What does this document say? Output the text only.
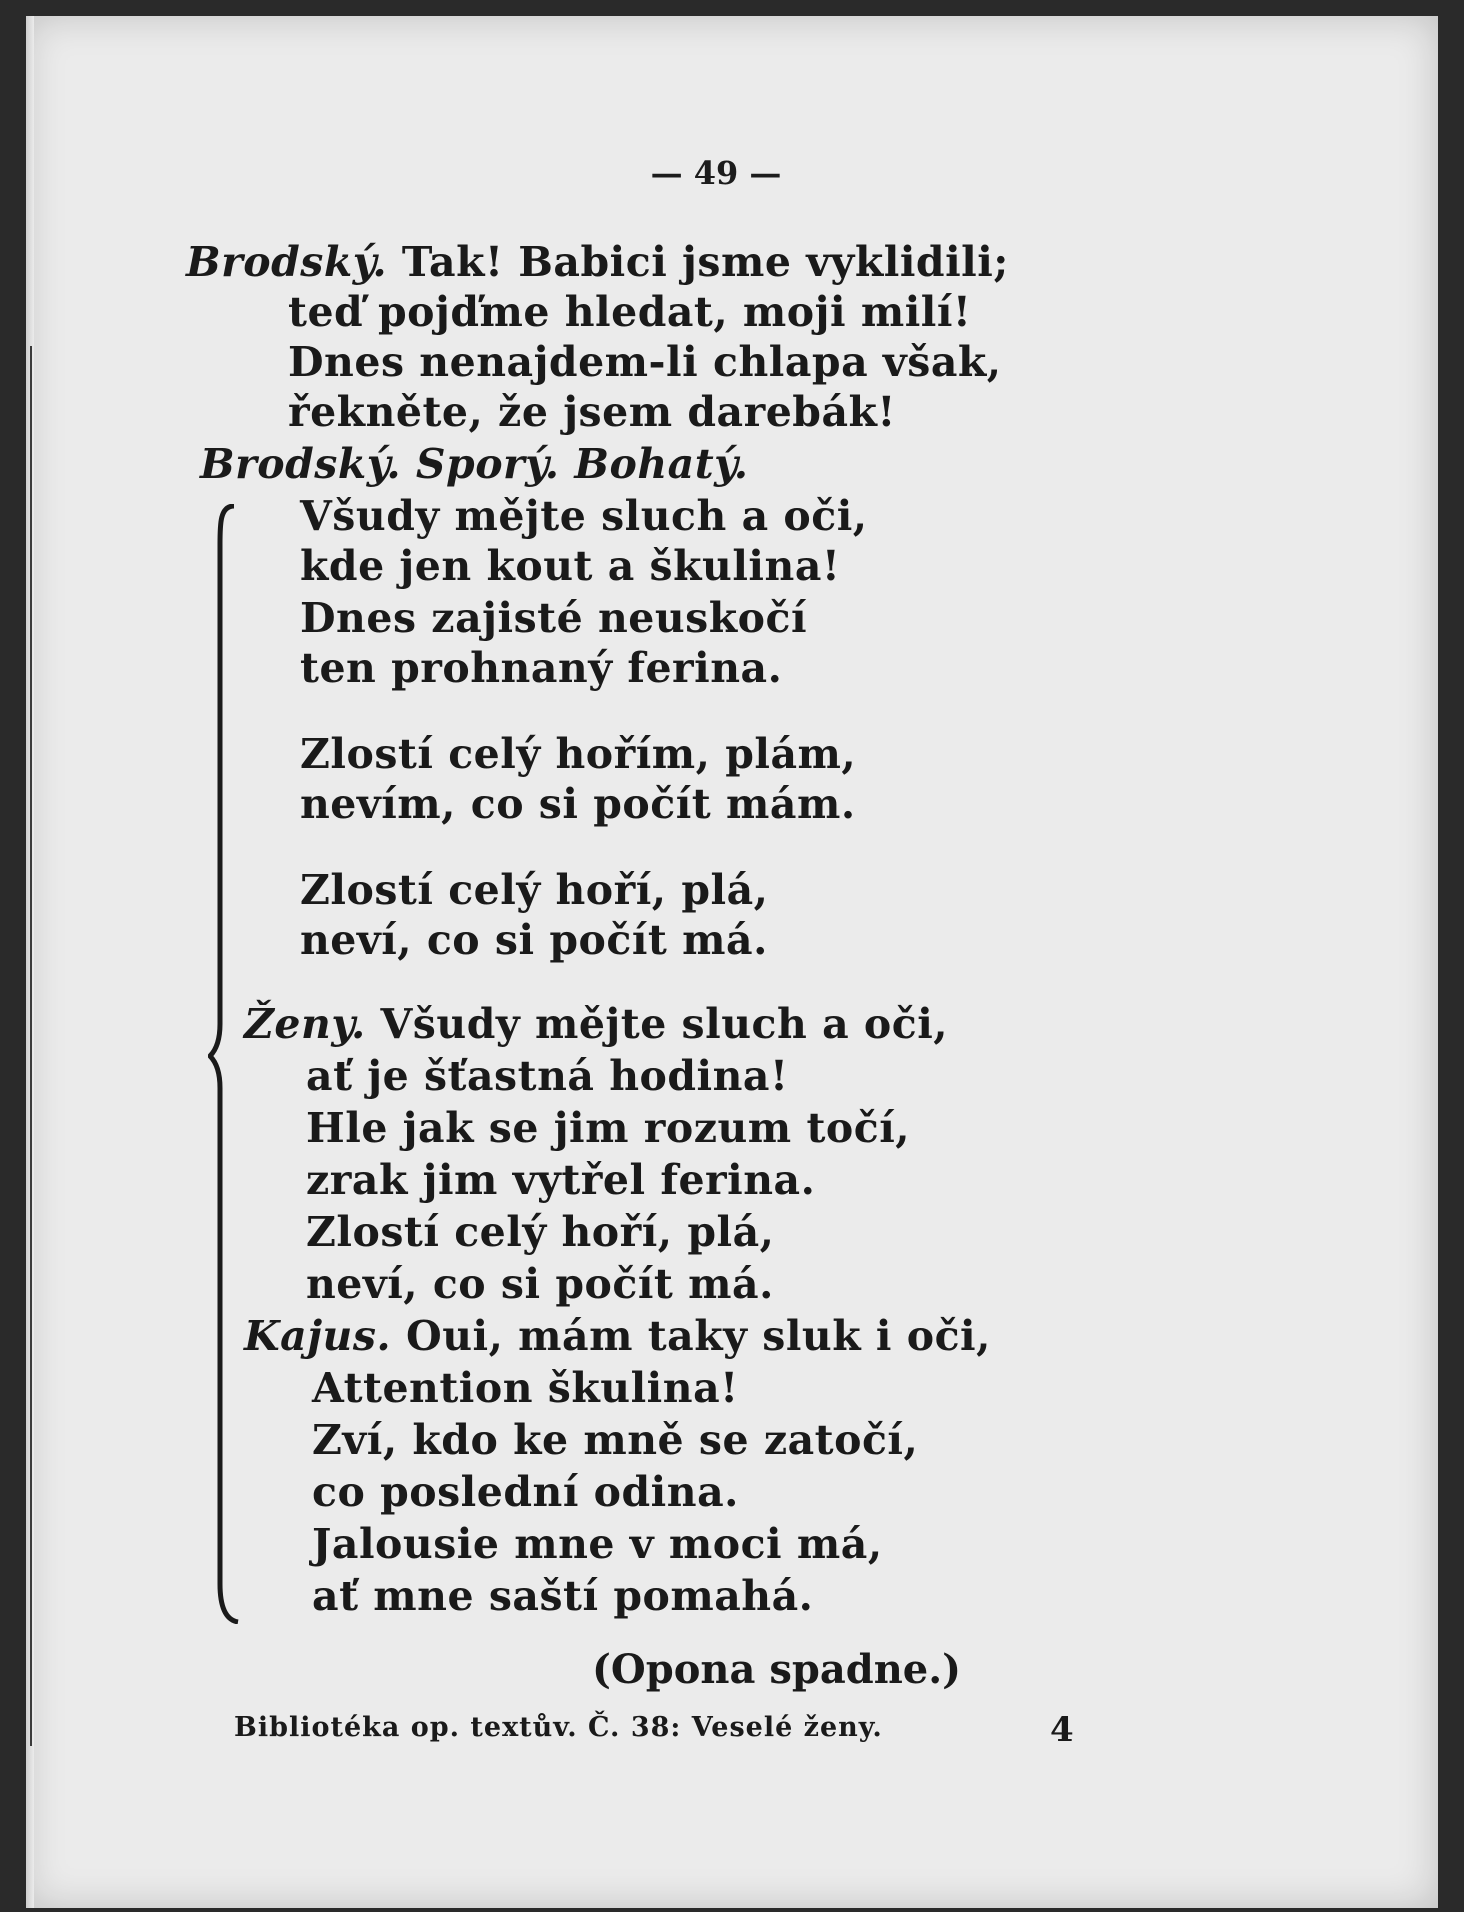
— 49 —
Brodský. Tak! Babici jsme vyklidili;
teď pojďme hledat, moji milí!
Dnes nenajdem-li chlapa však,
řekněte, že jsem darebák!
Brodský. Sporý. Bohatý.
Všudy mějte sluch a oči,
kde jen kout a škulina!
Dnes zajisté neuskočí
ten prohnaný ferina.
Zlostí celý hořím, plám,
nevím, co si počít mám.
Zlostí celý hoří, plá,
neví, co si počít má.
Ženy. Všudy mějte sluch a oči,
ať je šťastná hodina!
Hle jak se jim rozum točí,
zrak jim vytřel ferina.
Zlostí celý hoří, plá,
neví, co si počít má.
Kajus. Oui, mám taky sluk i oči,
Attention škulina!
Zví, kdo ke mně se zatočí,
co poslední odina.
Jalousie mne v moci má,
ať mne saští pomahá.
(Opona spadne.)
Bibliotéka op. textův. Č. 38: Veselé ženy.	4
